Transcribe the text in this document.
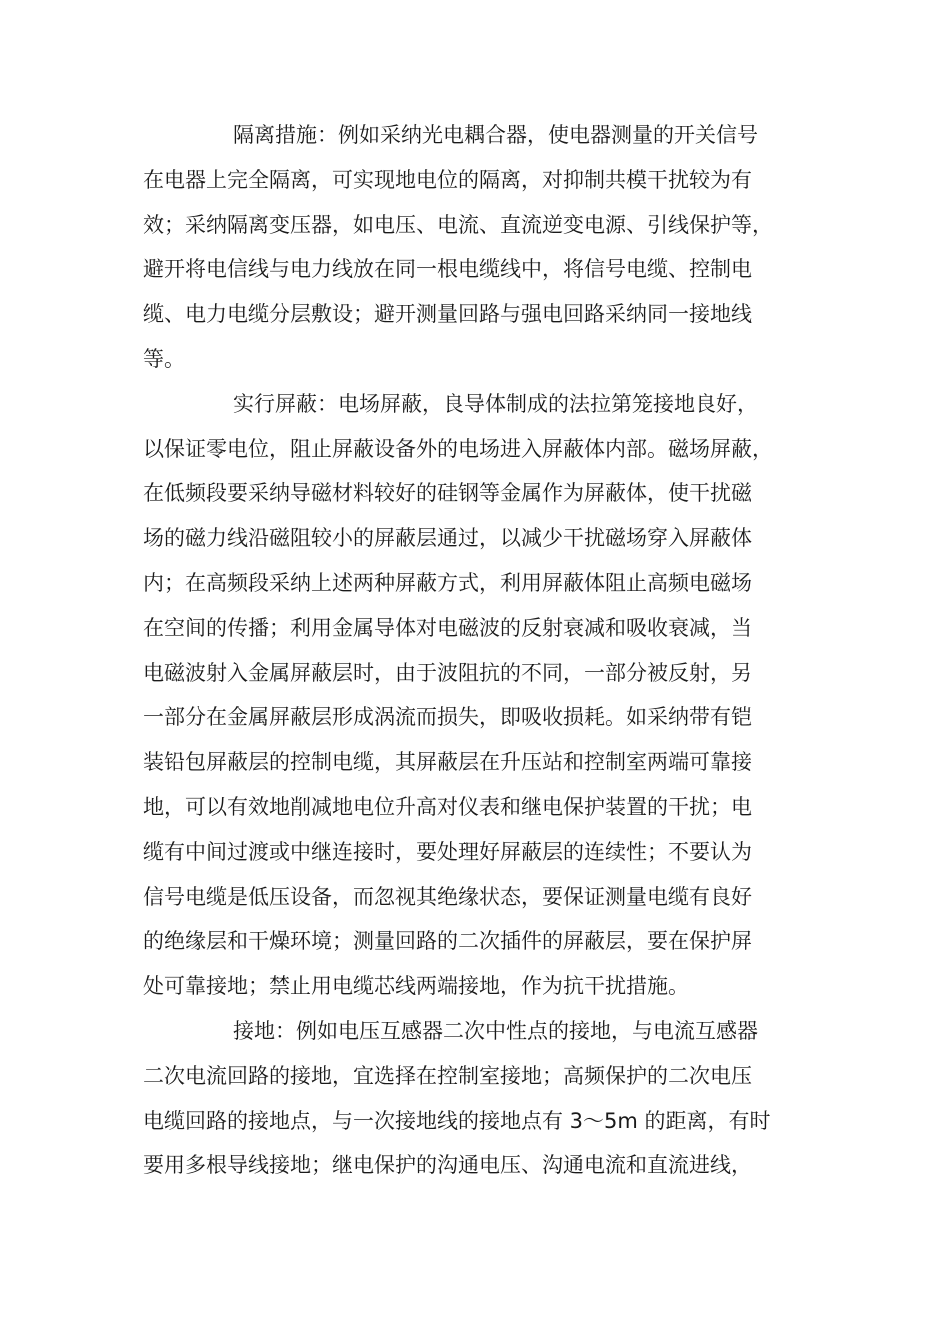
隔离措施：例如采纳光电耦合器，使电器测量的开关信号
在电器上完全隔离，可实现地电位的隔离，对抑制共模干扰较为有
效；采纳隔离变压器，如电压、电流、直流逆变电源、引线保护等，
避开将电信线与电力线放在同一根电缆线中，将信号电缆、控制电
缆、电力电缆分层敷设；避开测量回路与强电回路采纳同一接地线
等。
实行屏蔽：电场屏蔽，良导体制成的法拉第笼接地良好，
以保证零电位，阻止屏蔽设备外的电场进入屏蔽体内部。磁场屏蔽，
在低频段要采纳导磁材料较好的硅钢等金属作为屏蔽体，使干扰磁
场的磁力线沿磁阻较小的屏蔽层通过，以减少干扰磁场穿入屏蔽体
内；在高频段采纳上述两种屏蔽方式，利用屏蔽体阻止高频电磁场
在空间的传播；利用金属导体对电磁波的反射衰减和吸收衰减，当
电磁波射入金属屏蔽层时，由于波阻抗的不同，一部分被反射，另
一部分在金属屏蔽层形成涡流而损失，即吸收损耗。如采纳带有铠
装铅包屏蔽层的控制电缆，其屏蔽层在升压站和控制室两端可靠接
地，可以有效地削减地电位升高对仪表和继电保护装置的干扰；电
缆有中间过渡或中继连接时，要处理好屏蔽层的连续性；不要认为
信号电缆是低压设备，而忽视其绝缘状态，要保证测量电缆有良好
的绝缘层和干燥环境；测量回路的二次插件的屏蔽层，要在保护屏
处可靠接地；禁止用电缆芯线两端接地，作为抗干扰措施。
接地：例如电压互感器二次中性点的接地，与电流互感器
二次电流回路的接地，宜选择在控制室接地；高频保护的二次电压
电缆回路的接地点，与一次接地线的接地点有 3～5m 的距离，有时
要用多根导线接地；继电保护的沟通电压、沟通电流和直流进线，
